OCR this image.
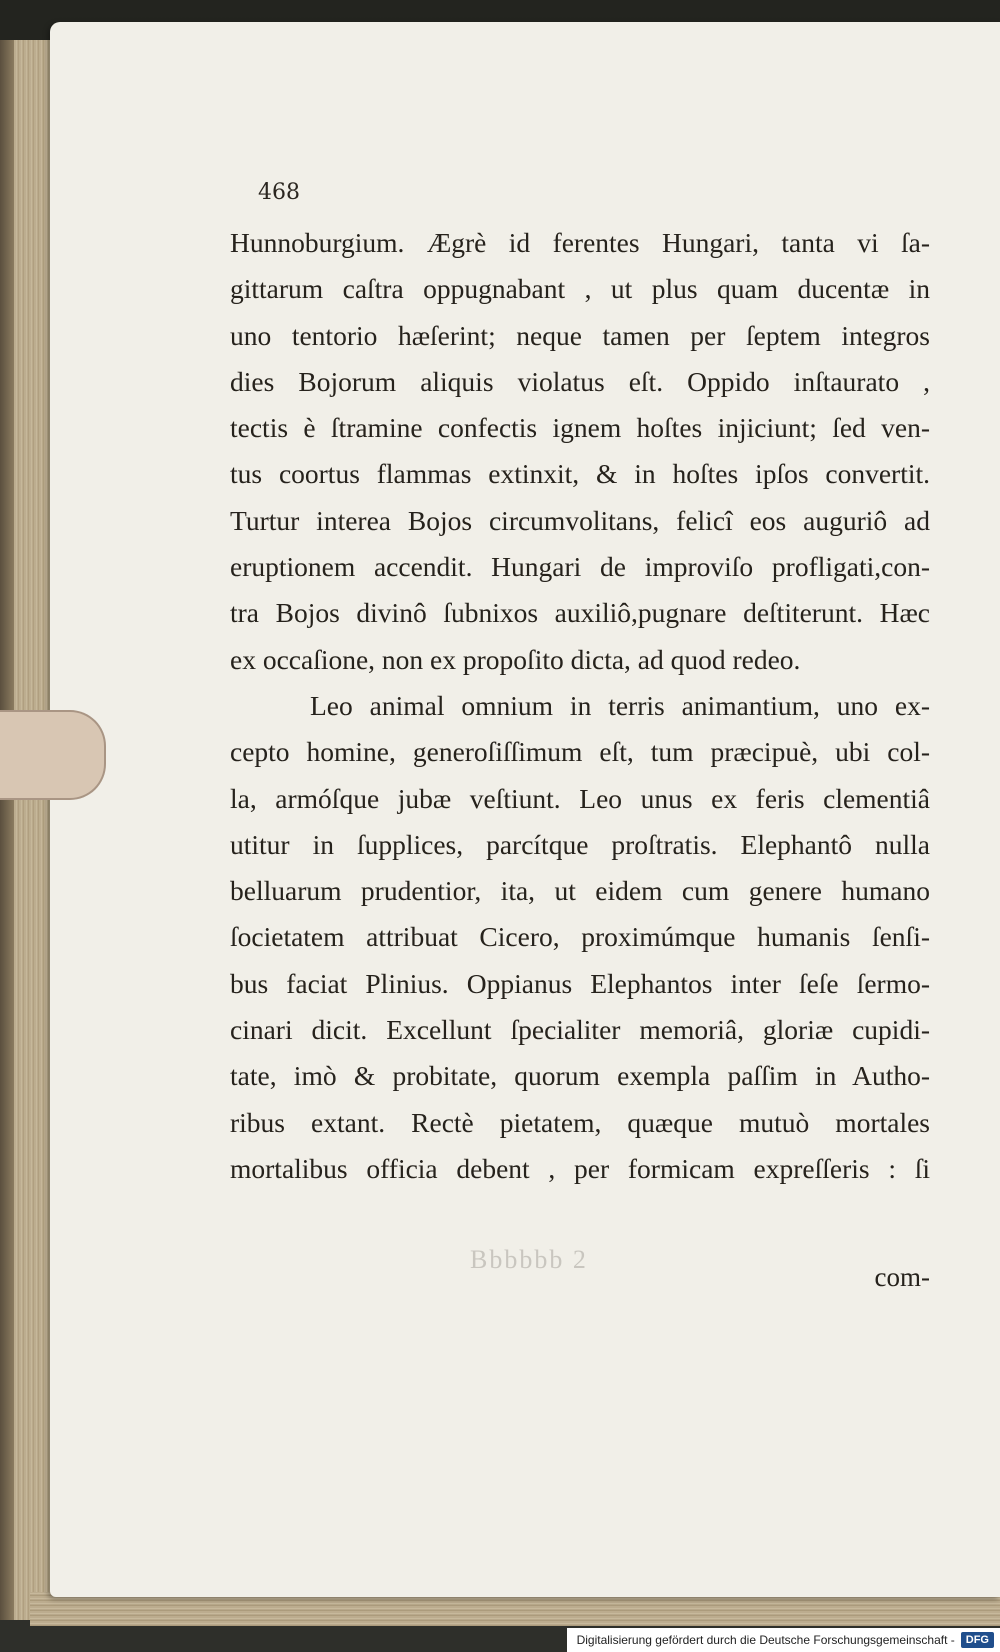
468
Hunnoburgium. Ægrè id ferentes Hungari, tanta vi ſa-
gittarum caſtra oppugnabant , ut plus quam ducentæ in
uno tentorio hæſerint; neque tamen per ſeptem integros
dies Bojorum aliquis violatus eſt. Oppido inſtaurato ,
tectis è ſtramine confectis ignem hoſtes injiciunt; ſed ven-
tus coortus flammas extinxit, & in hoſtes ipſos convertit.
Turtur interea Bojos circumvolitans, felicî eos auguriô ad
eruptionem accendit. Hungari de improviſo profligati,con-
tra Bojos divinô ſubnixos auxiliô,pugnare deſtiterunt. Hæc
ex occaſione, non ex propoſito dicta, ad quod redeo.
Leo animal omnium in terris animantium, uno ex-
cepto homine, generoſiſſimum eſt, tum præcipuè, ubi col-
la, armóſque jubæ veſtiunt. Leo unus ex feris clementiâ
utitur in ſupplices, parcítque proſtratis. Elephantô nulla
belluarum prudentior, ita, ut eidem cum genere humano
ſocietatem attribuat Cicero, proximúmque humanis ſenſi-
bus faciat Plinius. Oppianus Elephantos inter ſeſe ſermo-
cinari dicit. Excellunt ſpecialiter memoriâ, gloriæ cupidi-
tate, imò & probitate, quorum exempla paſſim in Autho-
ribus extant. Rectè pietatem, quæque mutuò mortales
mortalibus officia debent , per formicam expreſſeris : ſi
Bbbbbb 2
com-
Digitalisierung gefördert durch die Deutsche Forschungsgemeinschaft -	DFG
